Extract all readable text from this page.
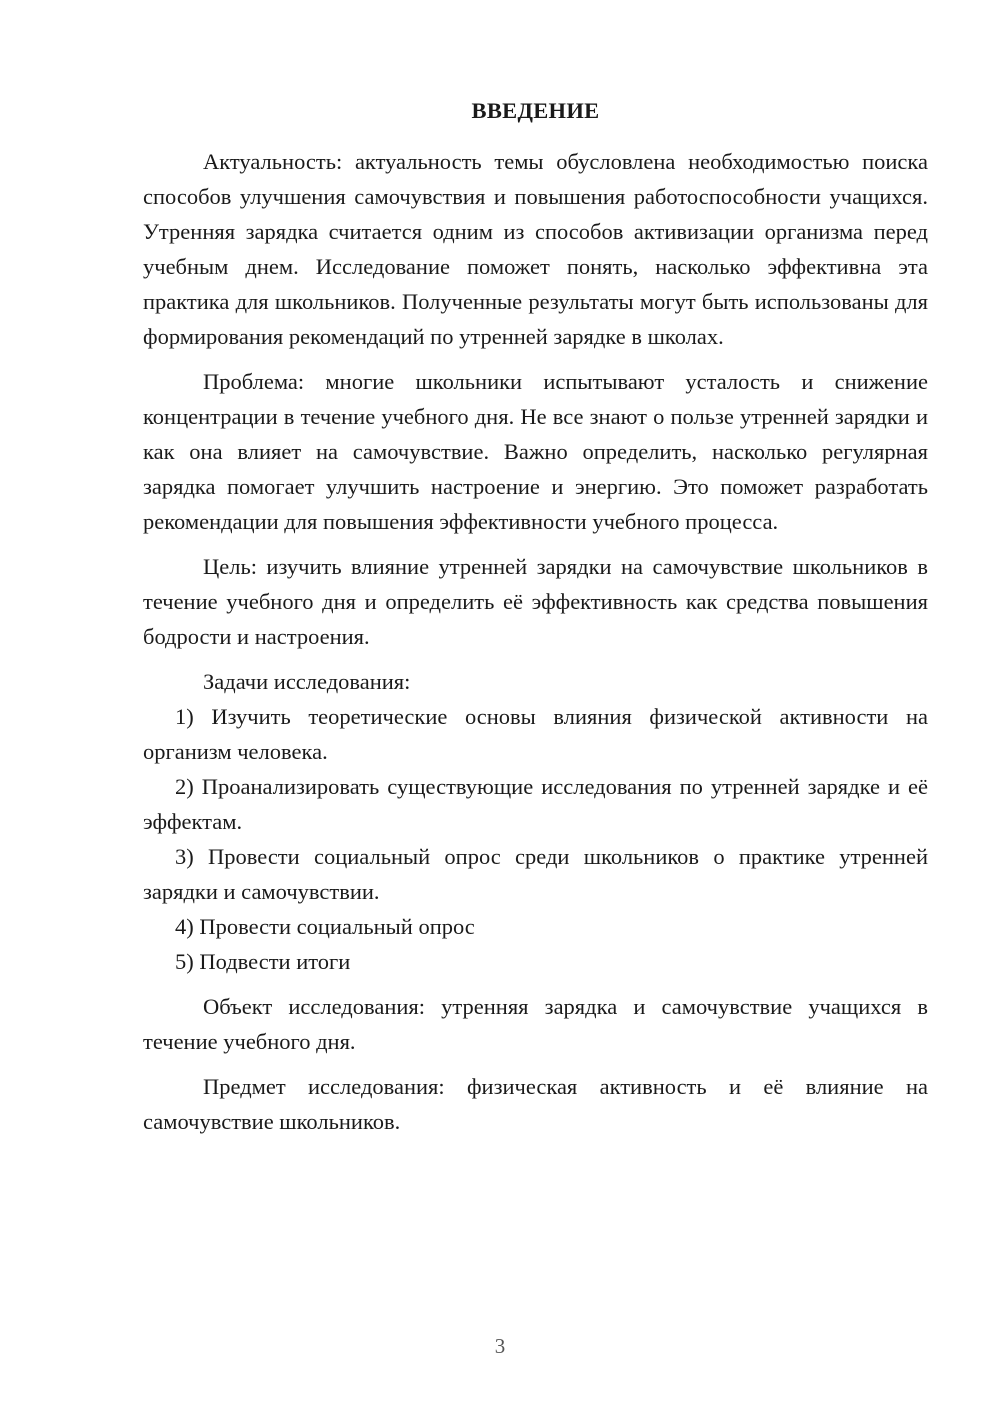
ВВЕДЕНИЕ

Актуальность: актуальность темы обусловлена необходимостью поиска способов улучшения самочувствия и повышения работоспособности учащихся. Утренняя зарядка считается одним из способов активизации организма перед учебным днем. Исследование поможет понять, насколько эффективна эта практика для школьников. Полученные результаты могут быть использованы для формирования рекомендаций по утренней зарядке в школах.

Проблема: многие школьники испытывают усталость и снижение концентрации в течение учебного дня. Не все знают о пользе утренней зарядки и как она влияет на самочувствие. Важно определить, насколько регулярная зарядка помогает улучшить настроение и энергию. Это поможет разработать рекомендации для повышения эффективности учебного процесса.

Цель: изучить влияние утренней зарядки на самочувствие школьников в течение учебного дня и определить её эффективность как средства повышения бодрости и настроения.

Задачи исследования:

1) Изучить теоретические основы влияния физической активности на организм человека.

2) Проанализировать существующие исследования по утренней зарядке и её эффектам.

3) Провести социальный опрос среди школьников о практике утренней зарядки и самочувствии.

4) Провести социальный опрос

5) Подвести итоги

Объект исследования: утренняя зарядка и самочувствие учащихся в течение учебного дня.

Предмет исследования: физическая активность и её влияние на самочувствие школьников.

3
